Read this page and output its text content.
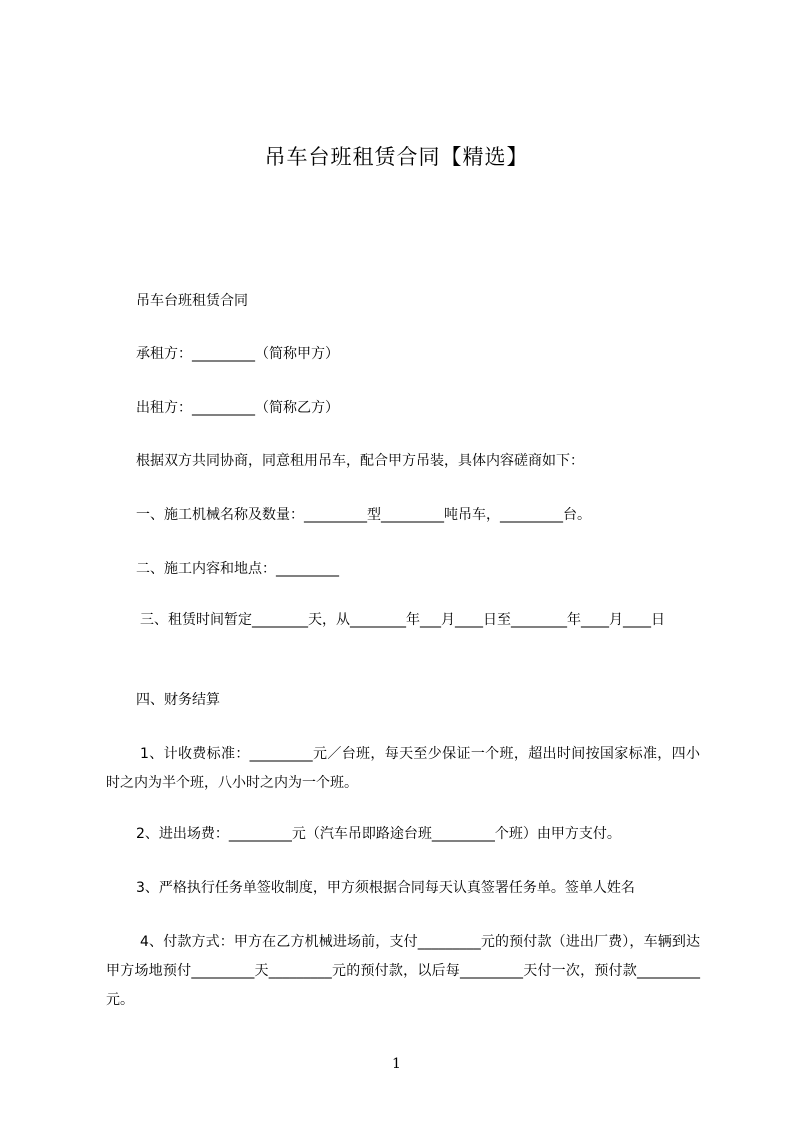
吊车台班租赁合同【精选】
吊车台班租赁合同
承租方：_________（简称甲方）
出租方：_________（简称乙方）
根据双方共同协商，同意租用吊车，配合甲方吊装，具体内容磋商如下：
一、施工机械名称及数量：_________型_________吨吊车，_________台。
二、施工内容和地点：_________
三、租赁时间暂定________天，从________年___月____日至________年____月____日
四、财务结算
1、计收费标准：_________元／台班，每天至少保证一个班，超出时间按国家标准，四小时之内为半个班，八小时之内为一个班。
2、进出场费：_________元（汽车吊即路途台班_________个班）由甲方支付。
3、严格执行任务单签收制度，甲方须根据合同每天认真签署任务单。签单人姓名
4、付款方式：甲方在乙方机械进场前，支付_________元的预付款（进出厂费），车辆到达甲方场地预付_________天_________元的预付款，以后每_________天付一次，预付款_________元。
1
